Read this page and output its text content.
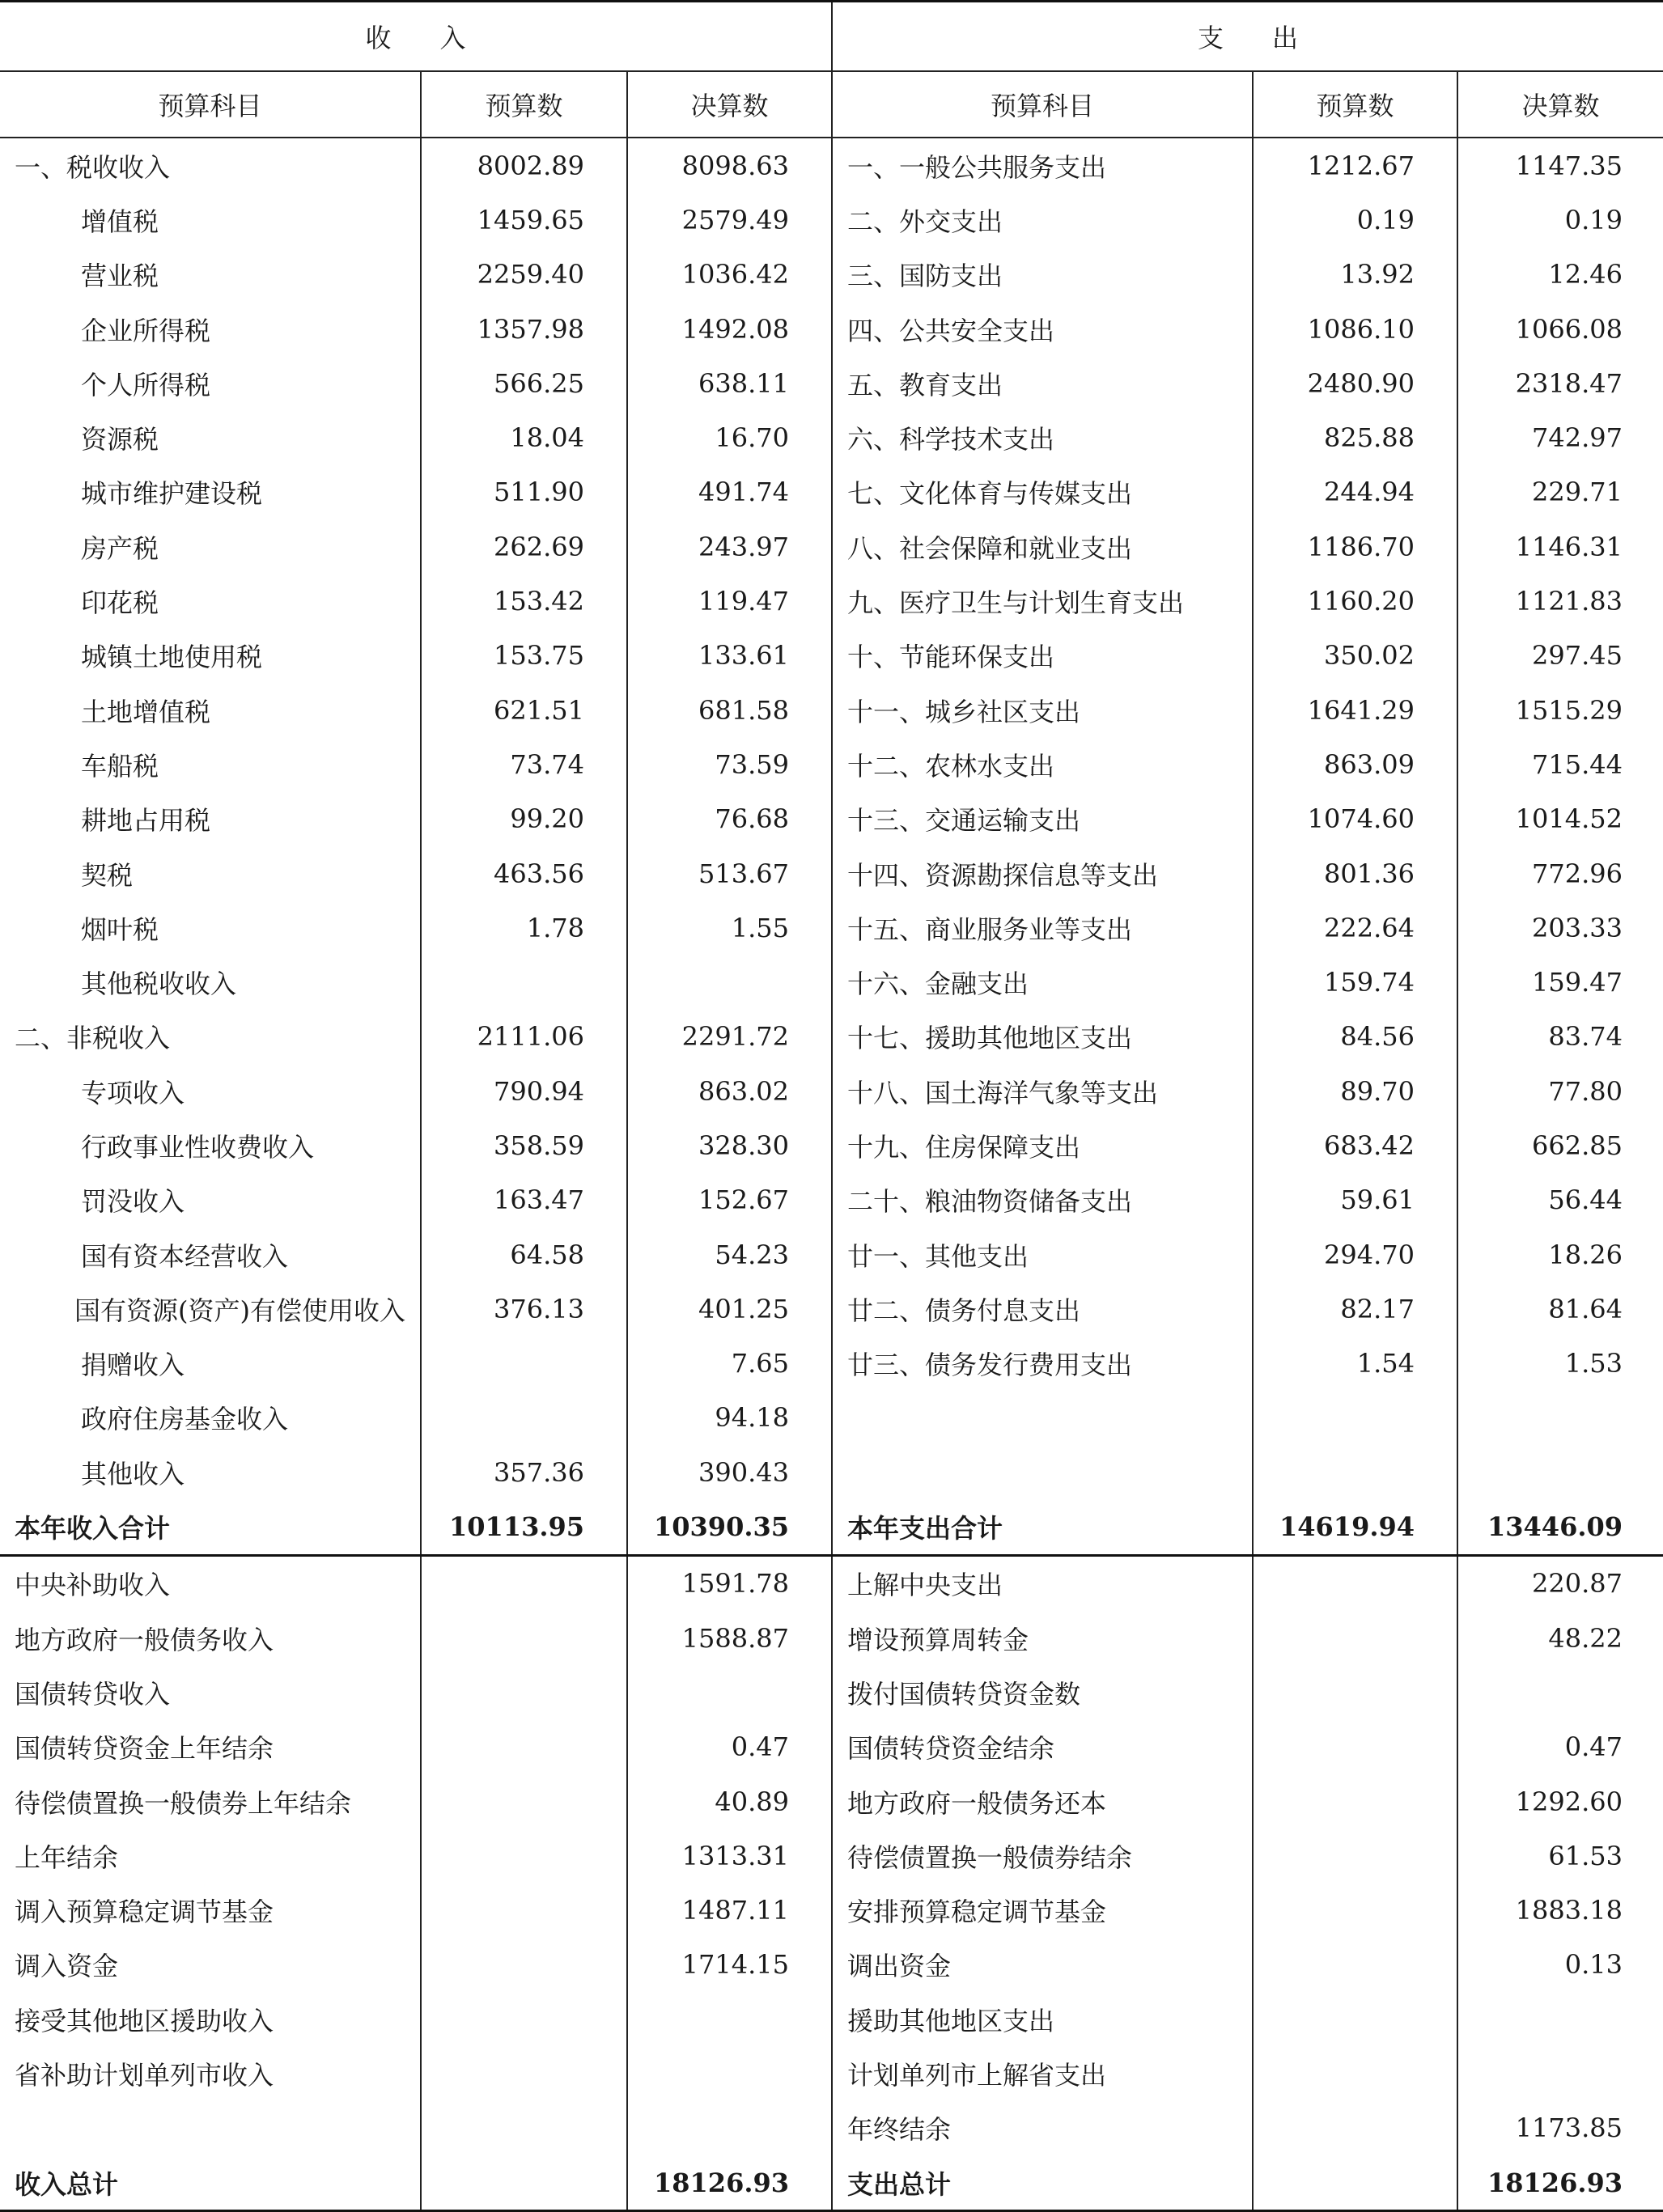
收入			支出		
预算科目	预算数	决算数	预算科目	预算数	决算数
一、税收收入	8002.89	8098.63	一、一般公共服务支出	1212.67	1147.35
增值税	1459.65	2579.49	二、外交支出	0.19	0.19
营业税	2259.40	1036.42	三、国防支出	13.92	12.46
企业所得税	1357.98	1492.08	四、公共安全支出	1086.10	1066.08
个人所得税	566.25	638.11	五、教育支出	2480.90	2318.47
资源税	18.04	16.70	六、科学技术支出	825.88	742.97
城市维护建设税	511.90	491.74	七、文化体育与传媒支出	244.94	229.71
房产税	262.69	243.97	八、社会保障和就业支出	1186.70	1146.31
印花税	153.42	119.47	九、医疗卫生与计划生育支出	1160.20	1121.83
城镇土地使用税	153.75	133.61	十、节能环保支出	350.02	297.45
土地增值税	621.51	681.58	十一、城乡社区支出	1641.29	1515.29
车船税	73.74	73.59	十二、农林水支出	863.09	715.44
耕地占用税	99.20	76.68	十三、交通运输支出	1074.60	1014.52
契税	463.56	513.67	十四、资源勘探信息等支出	801.36	772.96
烟叶税	1.78	1.55	十五、商业服务业等支出	222.64	203.33
其他税收收入			十六、金融支出	159.74	159.47
二、非税收入	2111.06	2291.72	十七、援助其他地区支出	84.56	83.74
专项收入	790.94	863.02	十八、国土海洋气象等支出	89.70	77.80
行政事业性收费收入	358.59	328.30	十九、住房保障支出	683.42	662.85
罚没收入	163.47	152.67	二十、粮油物资储备支出	59.61	56.44
国有资本经营收入	64.58	54.23	廿一、其他支出	294.70	18.26
国有资源(资产)有偿使用收入	376.13	401.25	廿二、债务付息支出	82.17	81.64
捐赠收入		7.65	廿三、债务发行费用支出	1.54	1.53
政府住房基金收入		94.18			
其他收入	357.36	390.43			
本年收入合计	10113.95	10390.35	本年支出合计	14619.94	13446.09
中央补助收入		1591.78	上解中央支出		220.87
地方政府一般债务收入		1588.87	增设预算周转金		48.22
国债转贷收入			拨付国债转贷资金数		
国债转贷资金上年结余		0.47	国债转贷资金结余		0.47
待偿债置换一般债券上年结余		40.89	地方政府一般债务还本		1292.60
上年结余		1313.31	待偿债置换一般债券结余		61.53
调入预算稳定调节基金		1487.11	安排预算稳定调节基金		1883.18
调入资金		1714.15	调出资金		0.13
接受其他地区援助收入			援助其他地区支出		
省补助计划单列市收入			计划单列市上解省支出		
			年终结余		1173.85
收入总计		18126.93	支出总计		18126.93
